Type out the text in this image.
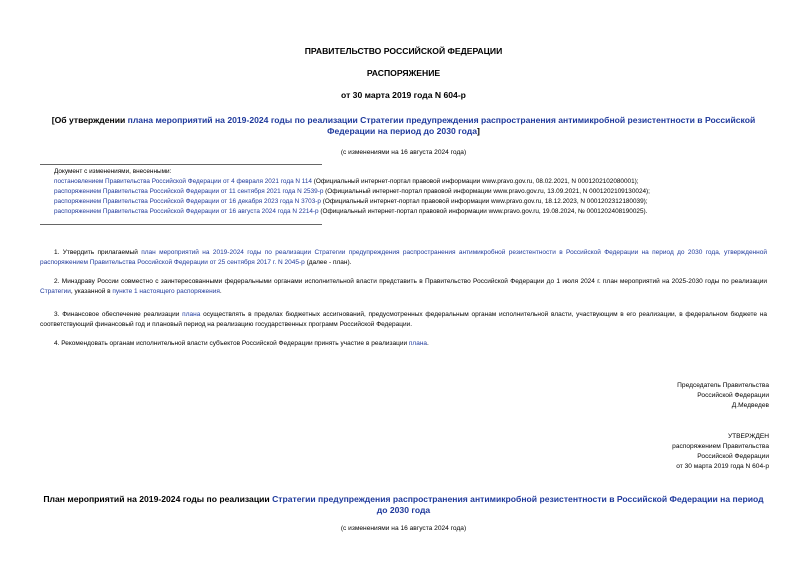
ПРАВИТЕЛЬСТВО РОССИЙСКОЙ ФЕДЕРАЦИИ
РАСПОРЯЖЕНИЕ
от 30 марта 2019 года N 604-р
[Об утверждении плана мероприятий на 2019-2024 годы по реализации Стратегии предупреждения распространения антимикробной резистентности в Российской Федерации на период до 2030 года]
(с изменениями на 16 августа 2024 года)
Документ с изменениями, внесенными:
постановлением Правительства Российской Федерации от 4 февраля 2021 года N 114 (Официальный интернет-портал правовой информации www.pravo.gov.ru, 08.02.2021, N 0001202102080001);
распоряжением Правительства Российской Федерации от 11 сентября 2021 года N 2539-р (Официальный интернет-портал правовой информации www.pravo.gov.ru, 13.09.2021, N 0001202109130024);
распоряжением Правительства Российской Федерации от 16 декабря 2023 года N 3703-р (Официальный интернет-портал правовой информации www.pravo.gov.ru, 18.12.2023, N 0001202312180039);
распоряжением Правительства Российской Федерации от 16 августа 2024 года N 2214-р (Официальный интернет-портал правовой информации www.pravo.gov.ru, 19.08.2024, № 0001202408190025).
1. Утвердить прилагаемый план мероприятий на 2019-2024 годы по реализации Стратегии предупреждения распространения антимикробной резистентности в Российской Федерации на период до 2030 года, утвержденной распоряжением Правительства Российской Федерации от 25 сентября 2017 г. N 2045-р (далее - план).
2. Минздраву России совместно с заинтересованными федеральными органами исполнительной власти представить в Правительство Российской Федерации до 1 июля 2024 г. план мероприятий на 2025-2030 годы по реализации Стратегии, указанной в пункте 1 настоящего распоряжения.
3. Финансовое обеспечение реализации плана осуществлять в пределах бюджетных ассигнований, предусмотренных федеральным органам исполнительной власти, участвующим в его реализации, в федеральном бюджете на соответствующий финансовый год и плановый период на реализацию государственных программ Российской Федерации.
4. Рекомендовать органам исполнительной власти субъектов Российской Федерации принять участие в реализации плана.
Председатель Правительства
Российской Федерации
Д.Медведев
УТВЕРЖДЕН
распоряжением Правительства
Российской Федерации
от 30 марта 2019 года N 604-р
План мероприятий на 2019-2024 годы по реализации Стратегии предупреждения распространения антимикробной резистентности в Российской Федерации на период до 2030 года
(с изменениями на 16 августа 2024 года)
